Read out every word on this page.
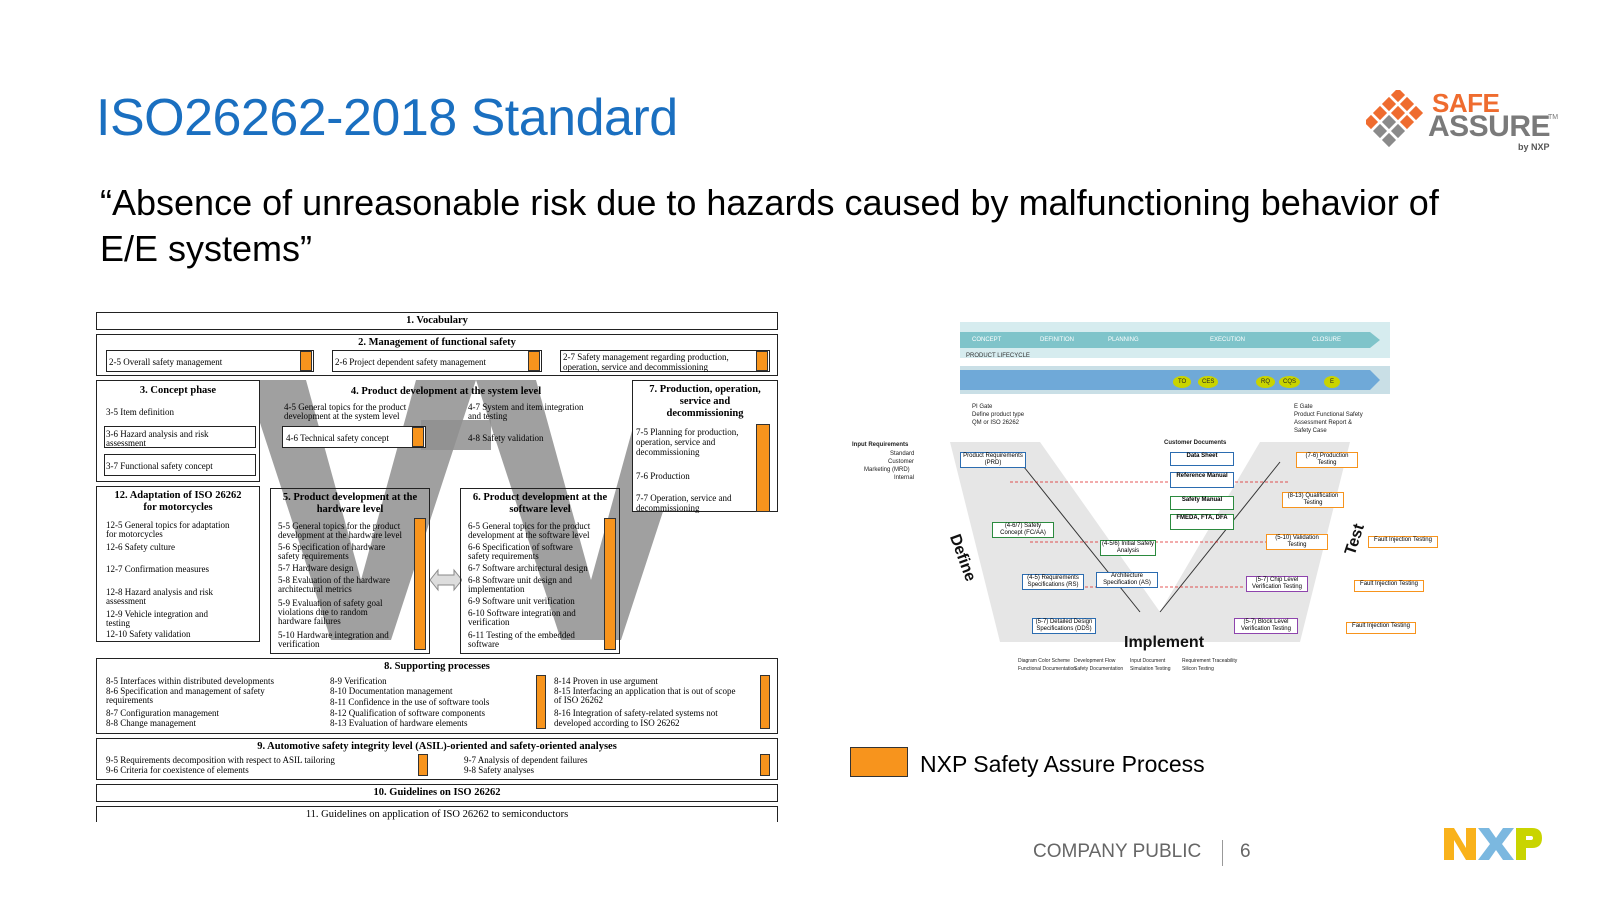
ISO26262-2018 Standard
“Absence of unreasonable risk due to hazards caused by malfunctioning behavior of E/E systems”
SAFE
ASSURE
TM
by NXP
1. Vocabulary
2. Management of functional safety
2-5 Overall safety management	2-6 Project dependent safety management	2-7 Safety management regarding production,
operation, service and decommissioning
3. Concept phase
3-5 Item definition
3-6 Hazard analysis and risk
assessment
3-7 Functional safety concept
4. Product development at the system level
4-5 General topics for the product
development at the system level
4-6 Technical safety concept
4-7 System and item integration
and testing
4-8 Safety validation
7. Production, operation,
service and
decommissioning
7-5 Planning for production,
operation, service and
decommissioning
7-6 Production
7-7 Operation, service and
decommissioning
12. Adaptation of ISO 26262
for motorcycles
12-5 General topics for adaptation
for motorcycles
12-6 Safety culture
12-7 Confirmation measures
12-8 Hazard analysis and risk
assessment
12-9 Vehicle integration and
testing
12-10 Safety validation
5. Product development at the
hardware level
5-5 General topics for the product
development at the hardware level
5-6 Specification of hardware
safety requirements
5-7 Hardware design
5-8 Evaluation of the hardware
architectural metrics
5-9 Evaluation of safety goal
violations due to random
hardware failures
5-10 Hardware integration and
verification
6. Product development at the
software level
6-5 General topics for the product
development at the software level
6-6 Specification of software
safety requirements
6-7 Software architectural design
6-8 Software unit design and
implementation
6-9 Software unit verification
6-10 Software integration and
verification
6-11 Testing of the embedded
software
8. Supporting processes
8-5 Interfaces within distributed developments
8-6 Specification and management of safety
requirements
8-7 Configuration management
8-8 Change management
8-9 Verification
8-10 Documentation management
8-11 Confidence in the use of software tools
8-12 Qualification of software components
8-13 Evaluation of hardware elements
8-14 Proven in use argument
8-15 Interfacing an application that is out of scope
of ISO 26262
8-16 Integration of safety-related systems not
developed according to ISO 26262
9. Automotive safety integrity level (ASIL)-oriented and safety-oriented analyses
9-5 Requirements decomposition with respect to ASIL tailoring
9-6 Criteria for coexistence of elements
9-7 Analysis of dependent failures
9-8 Safety analyses
10. Guidelines on ISO 26262
11. Guidelines on application of ISO 26262 to semiconductors
CONCEPT	DEFINITION	PLANNING	EXECUTION	CLOSURE
PRODUCT LIFECYCLE
TO	CES	RQ	CQS	E
PI Gate
Define product type
QM or ISO 26262
E Gate
Product Functional Safety
Assessment Report &
Safety Case
Input Requirements
Standard
Customer
Marketing (MRD)
Internal
Product Requirements (PRD)
Customer Documents
Data Sheet
Reference Manual
Safety Manual
FMEDA, FTA, DFA
(4-6/7) Safety Concept (FC/AA)
(4-5/6) Initial Safety Analysis
(4-5) Requirements Specifications (RS)
Architecture Specification (AS)
(5-7) Detailed Design Specifications (DDS)
(5-7) Block Level Verification Testing
(5-7) Chip Level Verification Testing
(5-10) Validation Testing
(8-13) Qualification Testing
(7-6) Production Testing
Fault Injection Testing
Fault Injection Testing
Fault Injection Testing
Define
Implement
Test
Diagram Color Scheme Development Flow	Input Document	Requirement Traceability
Functional Documentation
Safety Documentation Simulation Testing Silicon Testing
NXP Safety Assure Process
COMPANY PUBLIC 6
